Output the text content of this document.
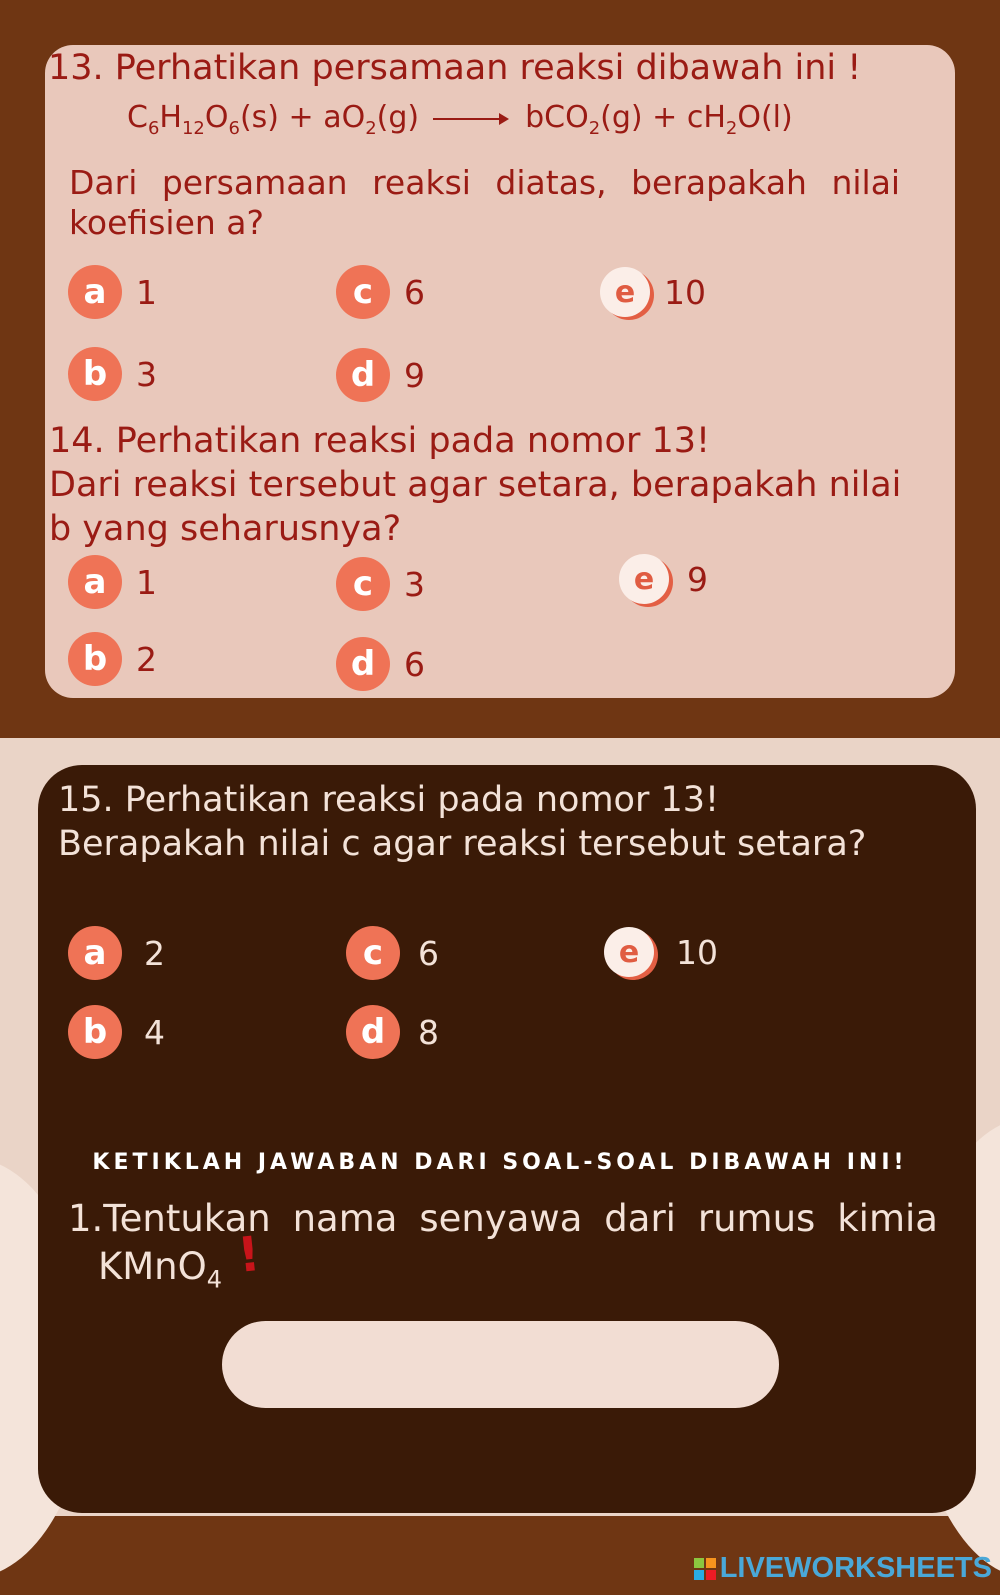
13. Perhatikan persamaan reaksi dibawah ini !
$C_6H_{12}O_6(s) + aO_2(g) \to bCO_2(g) + cH_2O(l)$
Dari persamaan reaksi diatas, berapakah nilai
koefisien a?
a 1
b 3
c 6
d 9
e 10
14. Perhatikan reaksi pada nomor 13!
Dari reaksi tersebut agar setara, berapakah nilai
b yang seharusnya?
a 1
b 2
c 3
d 6
e 9
15. Perhatikan reaksi pada nomor 13!
Berapakah nilai c agar reaksi tersebut setara?
a	2
b	4
c	6
d 8
e	10
KETIKLAH JAWABAN DARI SOAL-SOAL DIBAWAH INI!
1.Tentukan nama senyawa dari rumus kimia
KMnO$_4$ !
LIVEWORKSHEETS
